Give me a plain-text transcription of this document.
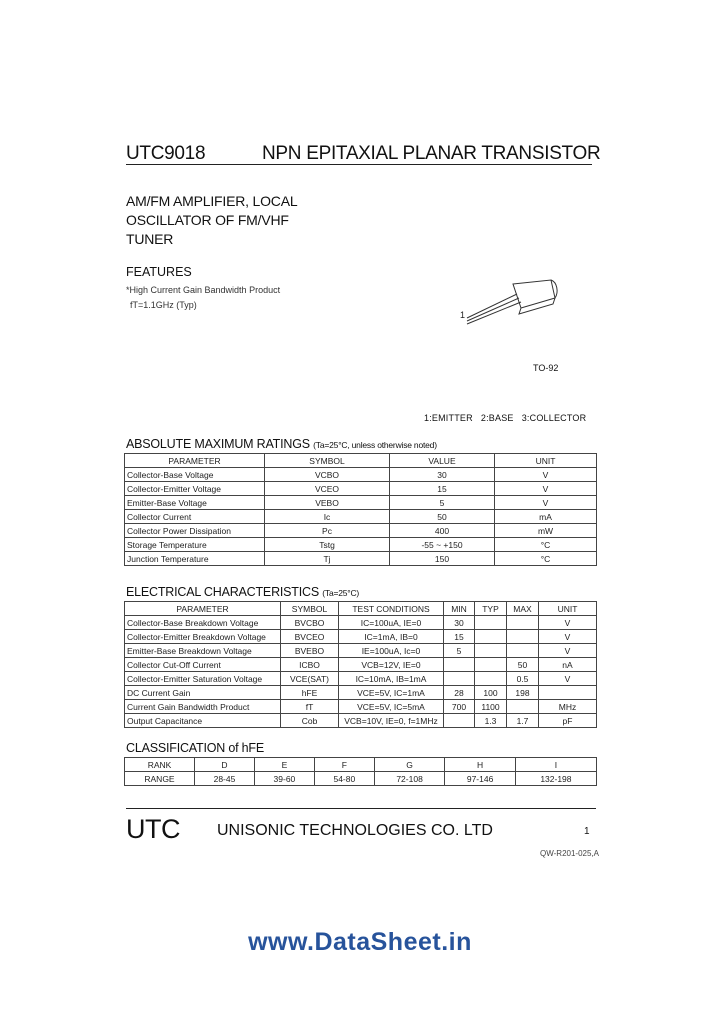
UTC9018	NPN EPITAXIAL PLANAR TRANSISTOR
AM/FM AMPLIFIER, LOCAL
OSCILLATOR OF FM/VHF
TUNER
FEATURES
*High Current Gain Bandwidth Product
fT=1.1GHz (Typ)
1
TO-92
1:EMITTER   2:BASE   3:COLLECTOR
ABSOLUTE MAXIMUM RATINGS (Ta=25°C, unless otherwise noted)
PARAMETER	SYMBOL	VALUE	UNIT
Collector-Base Voltage	VCBO	30	V
Collector-Emitter Voltage	VCEO	15	V
Emitter-Base Voltage	VEBO	5	V
Collector Current	Ic	50	mA
Collector Power Dissipation	Pc	400	mW
Storage Temperature	Tstg	-55 ~ +150	°C
Junction Temperature	Tj	150	°C
ELECTRICAL CHARACTERISTICS (Ta=25°C)
PARAMETER	SYMBOL	TEST CONDITIONS	MIN	TYP	MAX	UNIT
Collector-Base Breakdown Voltage	BVCBO	IC=100uA, IE=0	30			V
Collector-Emitter Breakdown Voltage	BVCEO	IC=1mA, IB=0	15			V
Emitter-Base Breakdown Voltage	BVEBO	IE=100uA, Ic=0	5			V
Collector Cut-Off Current	ICBO	VCB=12V, IE=0			50	nA
Collector-Emitter Saturation Voltage	VCE(SAT)	IC=10mA, IB=1mA			0.5	V
DC Current Gain	hFE	VCE=5V, IC=1mA	28	100	198	
Current Gain Bandwidth Product	fT	VCE=5V, IC=5mA	700	1100		MHz
Output Capacitance	Cob	VCB=10V, IE=0, f=1MHz		1.3	1.7	pF
CLASSIFICATION of hFE
RANK	D	E	F	G	H	I
RANGE	28-45	39-60	54-80	72-108	97-146	132-198
UTC UNISONIC TECHNOLOGIES CO. LTD	1
QW-R201-025,A
www.DataSheet.in
